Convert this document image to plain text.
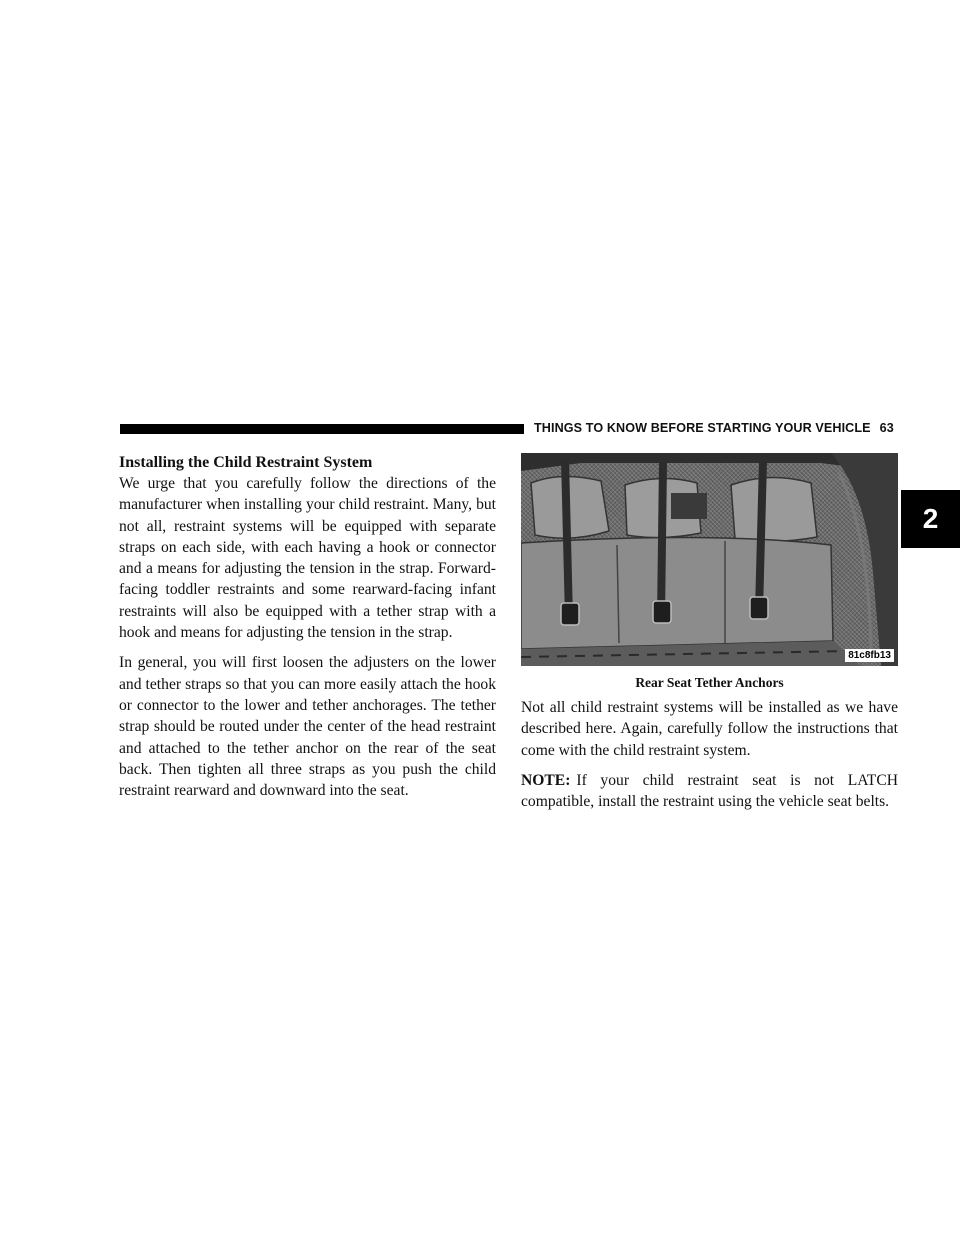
THINGS TO KNOW BEFORE STARTING YOUR VEHICLE 63
2
Installing the Child Restraint System

We urge that you carefully follow the directions of the manufacturer when installing your child restraint. Many, but not all, restraint systems will be equipped with separate straps on each side, with each having a hook or connector and a means for adjusting the tension in the strap. Forward-facing toddler restraints and some rearward-facing infant restraints will also be equipped with a tether strap with a hook and means for adjusting the tension in the strap.

In general, you will first loosen the adjusters on the lower and tether straps so that you can more easily attach the hook or connector to the lower and tether anchorages. The tether strap should be routed under the center of the head restraint and attached to the tether anchor on the rear of the seat back. Then tighten all three straps as you push the child restraint rearward and downward into the seat.

81c8fb13
Rear Seat Tether Anchors

Not all child restraint systems will be installed as we have described here. Again, carefully follow the instructions that come with the child restraint system.

NOTE: If your child restraint seat is not LATCH compatible, install the restraint using the vehicle seat belts.
